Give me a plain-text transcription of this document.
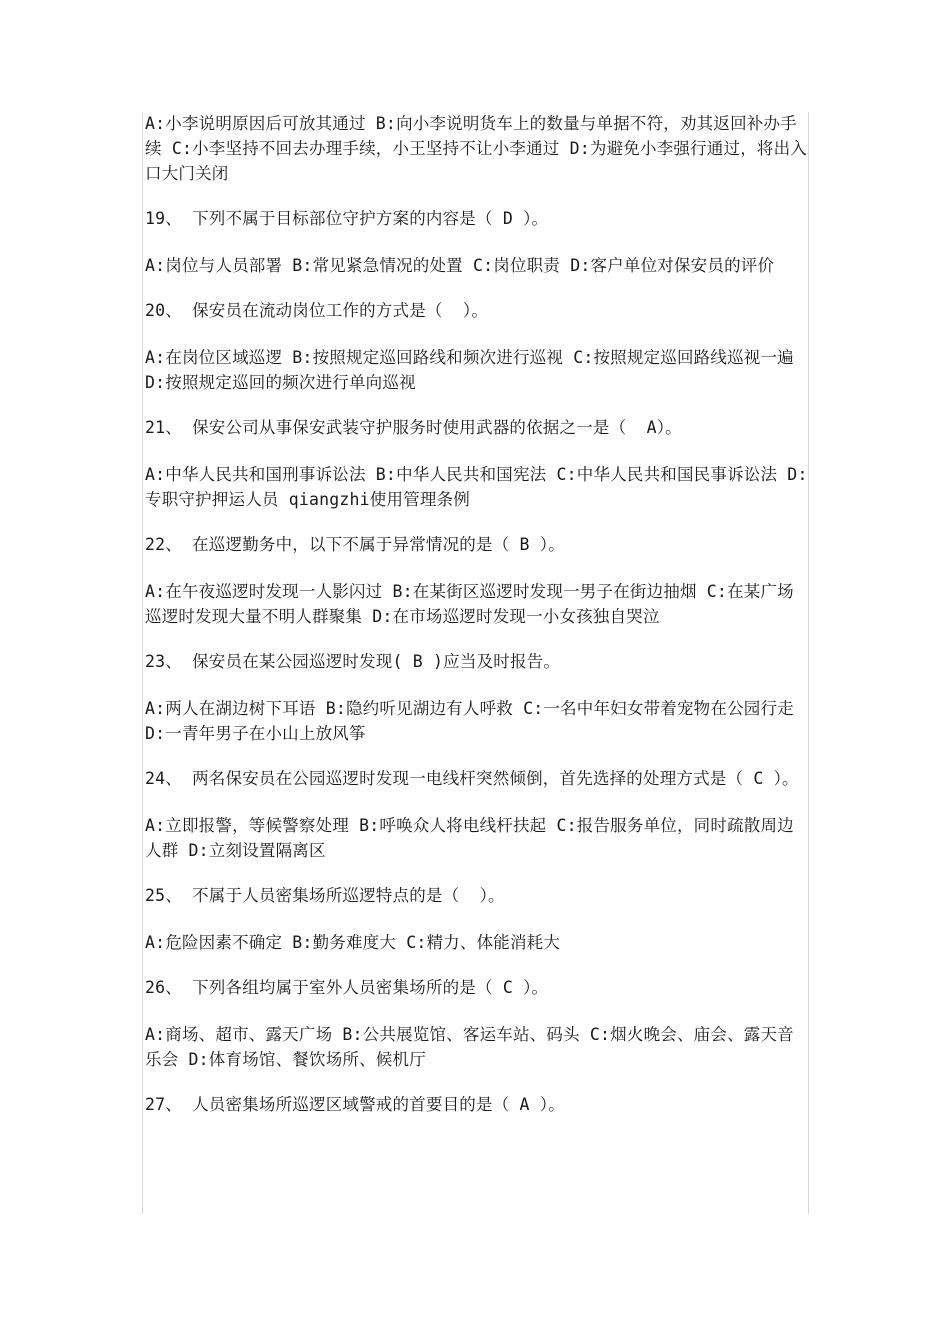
A:小李说明原因后可放其通过 B:向小李说明货车上的数量与单据不符，劝其返回补办手续 C:小李坚持不回去办理手续，小王坚持不让小李通过 D:为避免小李强行通过，将出入口大门关闭

19、 下列不属于目标部位守护方案的内容是（ D ）。

A:岗位与人员部署 B:常见紧急情况的处置 C:岗位职责 D:客户单位对保安员的评价

20、 保安员在流动岗位工作的方式是（  ）。

A:在岗位区域巡逻 B:按照规定巡回路线和频次进行巡视 C:按照规定巡回路线巡视一遍 D:按照规定巡回的频次进行单向巡视

21、 保安公司从事保安武装守护服务时使用武器的依据之一是（  A）。

A:中华人民共和国刑事诉讼法 B:中华人民共和国宪法 C:中华人民共和国民事诉讼法 D:专职守护押运人员 qiangzhi使用管理条例

22、 在巡逻勤务中，以下不属于异常情况的是（ B ）。

A:在午夜巡逻时发现一人影闪过 B:在某街区巡逻时发现一男子在街边抽烟 C:在某广场巡逻时发现大量不明人群聚集 D:在市场巡逻时发现一小女孩独自哭泣

23、 保安员在某公园巡逻时发现( B )应当及时报告。

A:两人在湖边树下耳语 B:隐约听见湖边有人呼救 C:一名中年妇女带着宠物在公园行走 D:一青年男子在小山上放风筝

24、 两名保安员在公园巡逻时发现一电线杆突然倾倒，首先选择的处理方式是（ C ）。

A:立即报警，等候警察处理 B:呼唤众人将电线杆扶起 C:报告服务单位，同时疏散周边人群 D:立刻设置隔离区

25、 不属于人员密集场所巡逻特点的是（  ）。

A:危险因素不确定 B:勤务难度大 C:精力、体能消耗大

26、 下列各组均属于室外人员密集场所的是（ C ）。

A:商场、超市、露天广场 B:公共展览馆、客运车站、码头 C:烟火晚会、庙会、露天音乐会 D:体育场馆、餐饮场所、候机厅

27、 人员密集场所巡逻区域警戒的首要目的是（ A ）。
